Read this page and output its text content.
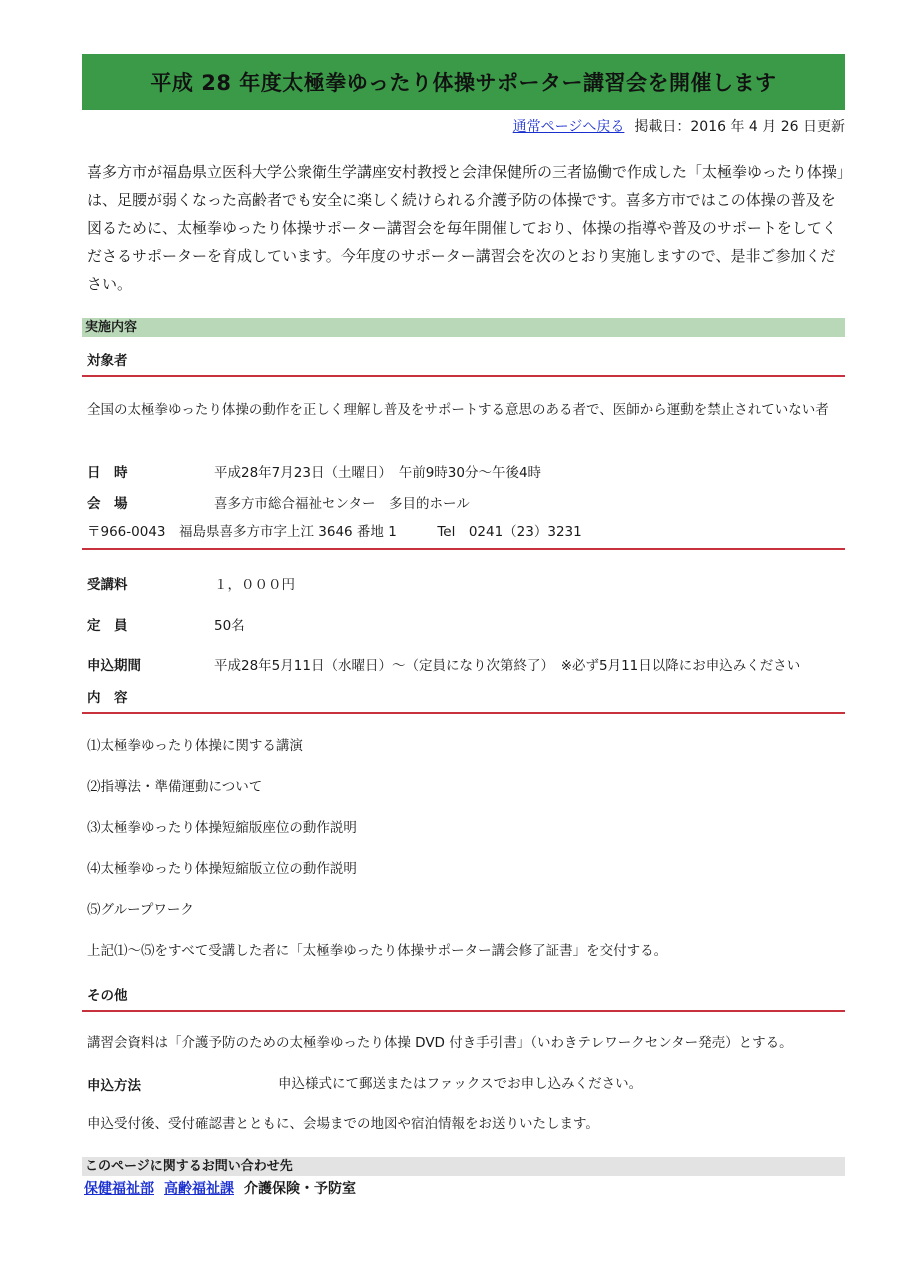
平成 28 年度太極拳ゆったり体操サポーター講習会を開催します
通常ページへ戻る 掲載日：2016 年 4 月 26 日更新

喜多方市が福島県立医科大学公衆衛生学講座安村教授と会津保健所の三者協働で作成した「太極拳ゆったり体操」は、足腰が弱くなった高齢者でも安全に楽しく続けられる介護予防の体操です。喜多方市ではこの体操の普及を図るために、太極拳ゆったり体操サポーター講習会を毎年開催しており、体操の指導や普及のサポートをしてくださるサポーターを育成しています。今年度のサポーター講習会を次のとおり実施しますので、是非ご参加ください。

実施内容
対象者
全国の太極拳ゆったり体操の動作を正しく理解し普及をサポートする意思のある者で、医師から運動を禁止されていない者
日　時	平成28年7月23日（土曜日）　午前9時30分～午後4時
会　場	喜多方市総合福祉センター　多目的ホール
〒966-0043　福島県喜多方市字上江 3646 番地 1　　　Tel　0241（23）3231
受講料	１，０００円
定　員	50名
申込期間	平成28年5月11日（水曜日）～（定員になり次第終了）　※必ず5月11日以降にお申込みください
内　容
⑴太極拳ゆったり体操に関する講演
⑵指導法・準備運動について
⑶太極拳ゆったり体操短縮版座位の動作説明
⑷太極拳ゆったり体操短縮版立位の動作説明
⑸グループワーク
上記⑴～⑸をすべて受講した者に「太極拳ゆったり体操サポーター講会修了証書」を交付する。
その他
講習会資料は「介護予防のための太極拳ゆったり体操 DVD 付き手引書」（いわきテレワークセンター発売）とする。
申込方法	申込様式にて郵送またはファックスでお申し込みください。
申込受付後、受付確認書とともに、会場までの地図や宿泊情報をお送りいたします。
このページに関するお問い合わせ先
保健福祉部 高齢福祉課 介護保険・予防室
